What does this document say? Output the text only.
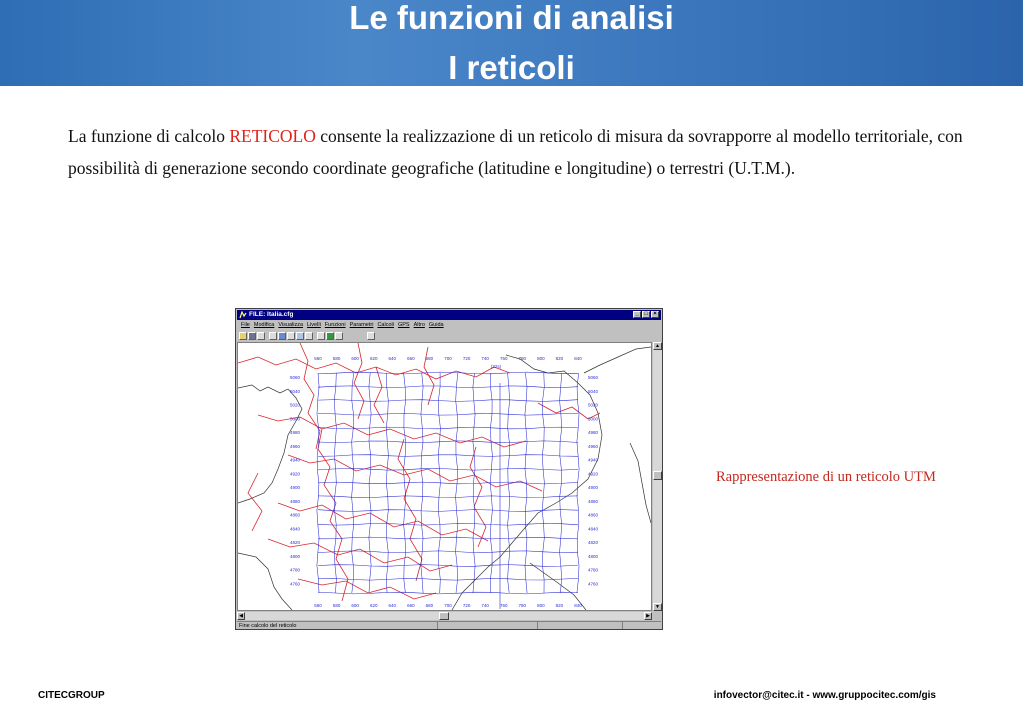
Le funzioni di analisi
I reticoli
La funzione di calcolo RETICOLO consente la realizzazione di un reticolo di misura da sovrapporre al modello territoriale, con possibilità di generazione secondo coordinate geografiche (latitudine e longitudine) o terrestri (U.T.M.).
FILE: Italia.cfg	_ □ ×
File Modifica Visualizza Livelli Funzioni Parametri Calcoli GPS Altro Guida
560
560
580
580
600
600
620
620
640
640
660
660
680
680
700
700
720
720
740
740
760
760
780
780
800
800
820
820
840
840
(32s)
5060
5040
5020
5000
4980
4960
4940
4920
4900
4880
4860
4840
4820
4800
4780
4760
5060
5040
5020
5000
4980
4960
4940
4920
4900
4880
4860
4840
4820
4800
4780
4760
▲
▼
◀	▶
Fine calcolo del reticolo
Rappresentazione di un reticolo UTM
CITECGROUP	infovector@citec.it - www.gruppocitec.com/gis
